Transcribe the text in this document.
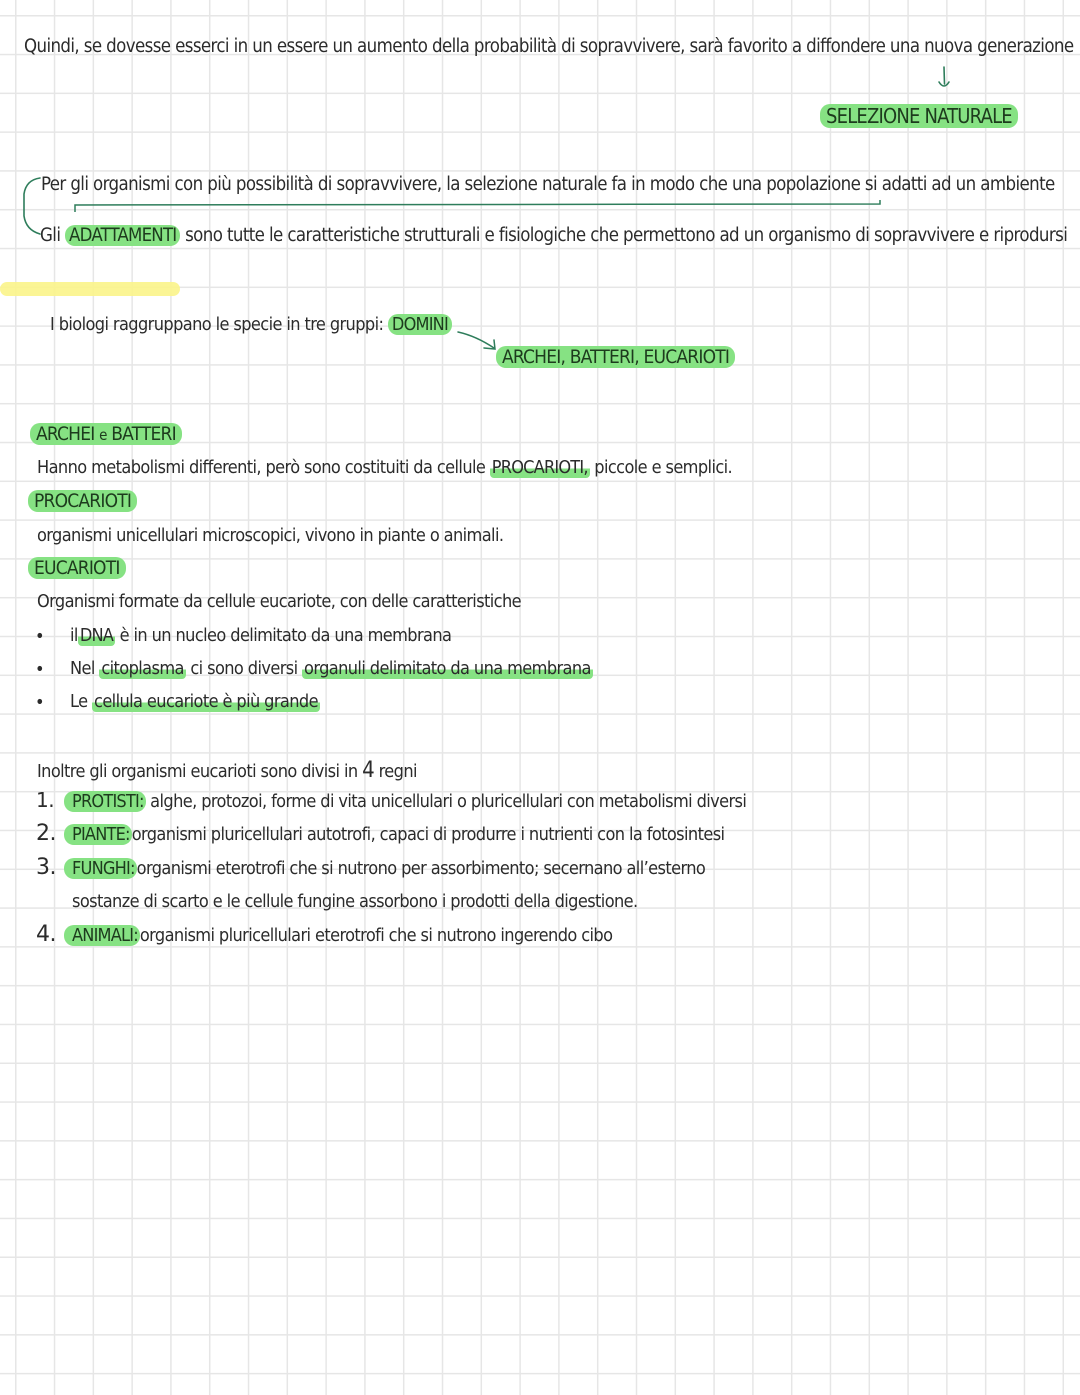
Quindi, se dovesse esserci in un essere un aumento della probabilità di sopravvivere, sarà favorito a diffondere una nuova generazione
SELEZIONE NATURALE
Per gli organismi con più possibilità di sopravvivere, la selezione naturale fa in modo che una popolazione si adatti ad un ambiente
Gli ADATTAMENTI sono tutte le caratteristiche strutturali e fisiologiche che permettono ad un organismo di sopravvivere e riprodursi
I biologi raggruppano le specie in tre gruppi: DOMINI
ARCHEI, BATTERI, EUCARIOTI
ARCHEI e BATTERI
Hanno metabolismi differenti, però sono costituiti da cellule PROCARIOTI, piccole e semplici.
PROCARIOTI
organismi unicellulari microscopici, vivono in piante o animali.
EUCARIOTI
Organismi formate da cellule eucariote, con delle caratteristiche
• il DNA è in un nucleo delimitato da una membrana
• Nel citoplasma ci sono diversi organuli delimitato da una membrana
• Le cellula eucariote è più grande
Inoltre gli organismi eucarioti sono divisi in 4 regni
1. PROTISTI: alghe, protozoi, forme di vita unicellulari o pluricellulari con metabolismi diversi
2. PIANTE: organismi pluricellulari autotrofi, capaci di produrre i nutrienti con la fotosintesi
3. FUNGHI: organismi eterotrofi che si nutrono per assorbimento; secernano all’esterno
sostanze di scarto e le cellule fungine assorbono i prodotti della digestione.
4. ANIMALI: organismi pluricellulari eterotrofi che si nutrono ingerendo cibo
